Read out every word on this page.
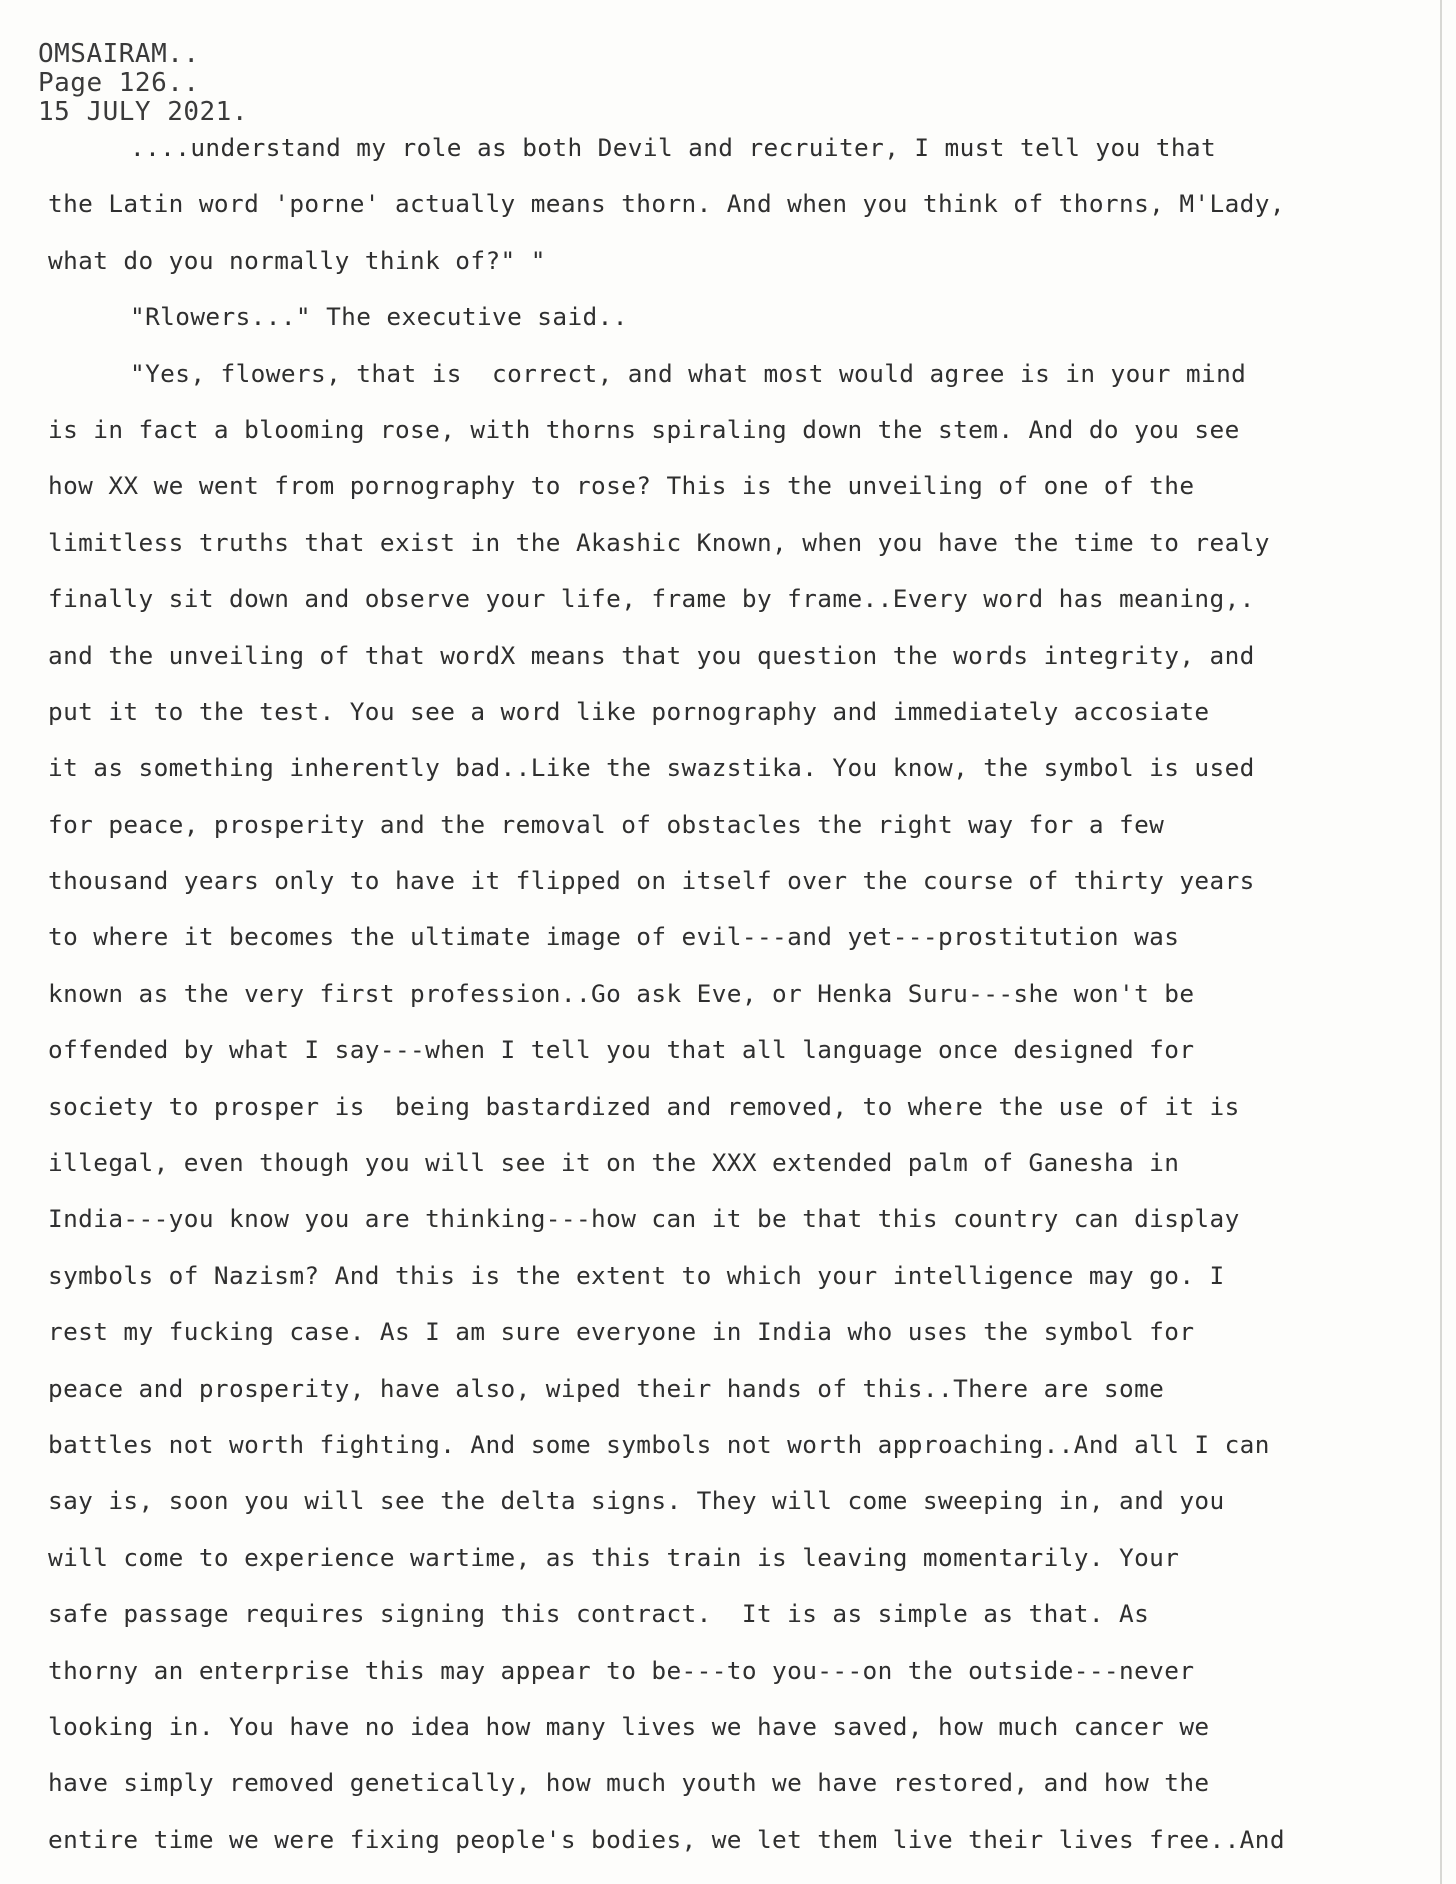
OMSAIRAM..
Page 126..
15 JULY 2021.
....understand my role as both Devil and recruiter, I must tell you that
the Latin word 'porne' actually means thorn. And when you think of thorns, M'Lady,
what do you normally think of?" "
"Rlowers..." The executive said..
"Yes, flowers, that is  correct, and what most would agree is in your mind
is in fact a blooming rose, with thorns spiraling down the stem. And do you see
how XX we went from pornography to rose? This is the unveiling of one of the
limitless truths that exist in the Akashic Known, when you have the time to realy
finally sit down and observe your life, frame by frame..Every word has meaning,.
and the unveiling of that wordX means that you question the words integrity, and
put it to the test. You see a word like pornography and immediately accosiate
it as something inherently bad..Like the swazstika. You know, the symbol is used
for peace, prosperity and the removal of obstacles the right way for a few
thousand years only to have it flipped on itself over the course of thirty years
to where it becomes the ultimate image of evil---and yet---prostitution was
known as the very first profession..Go ask Eve, or Henka Suru---she won't be
offended by what I say---when I tell you that all language once designed for
society to prosper is  being bastardized and removed, to where the use of it is
illegal, even though you will see it on the XXX extended palm of Ganesha in
India---you know you are thinking---how can it be that this country can display
symbols of Nazism? And this is the extent to which your intelligence may go. I
rest my fucking case. As I am sure everyone in India who uses the symbol for
peace and prosperity, have also, wiped their hands of this..There are some
battles not worth fighting. And some symbols not worth approaching..And all I can
say is, soon you will see the delta signs. They will come sweeping in, and you
will come to experience wartime, as this train is leaving momentarily. Your
safe passage requires signing this contract.  It is as simple as that. As
thorny an enterprise this may appear to be---to you---on the outside---never
looking in. You have no idea how many lives we have saved, how much cancer we
have simply removed genetically, how much youth we have restored, and how the
entire time we were fixing people's bodies, we let them live their lives free..And
